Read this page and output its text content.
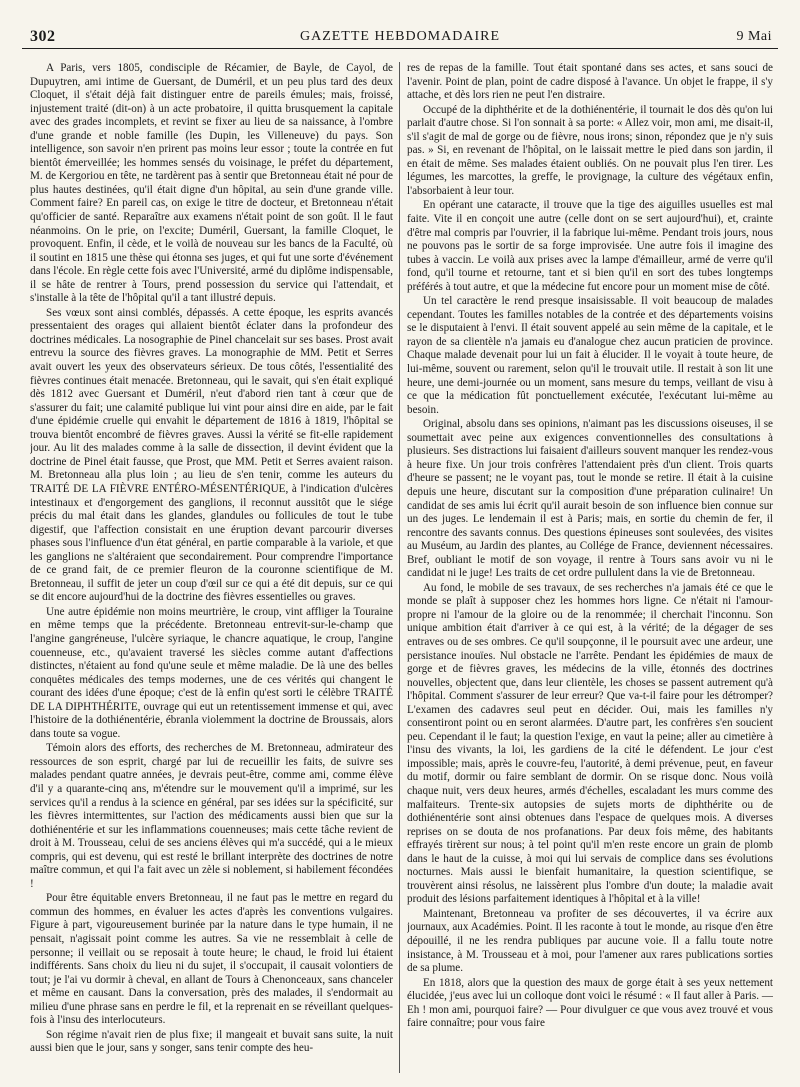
302	GAZETTE HEBDOMADAIRE	9 Mai

A Paris, vers 1805, condisciple de Récamier, de Bayle, de Cayol, de Dupuytren, ami intime de Guersant, de Duméril, et un peu plus tard des deux Cloquet, il s'était déjà fait distinguer entre de pareils émules; mais, froissé, injustement traité (dit-on) à un acte probatoire, il quitta brusquement la capitale avec des grades incomplets, et revint se fixer au lieu de sa naissance, à l'ombre d'une grande et noble famille (les Dupin, les Villeneuve) du pays. Son intelligence, son savoir n'en prirent pas moins leur essor ; toute la contrée en fut bientôt émerveillée; les hommes sensés du voisinage, le préfet du département, M. de Kergoriou en tête, ne tardèrent pas à sentir que Bretonneau était né pour de plus hautes destinées, qu'il était digne d'un hôpital, au sein d'une grande ville. Comment faire? En pareil cas, on exige le titre de docteur, et Bretonneau n'était qu'officier de santé. Reparaître aux examens n'était point de son goût. Il le faut néanmoins. On le prie, on l'excite; Duméril, Guersant, la famille Cloquet, le provoquent. Enfin, il cède, et le voilà de nouveau sur les bancs de la Faculté, où il soutint en 1815 une thèse qui étonna ses juges, et qui fut une sorte d'événement dans l'école. En règle cette fois avec l'Université, armé du diplôme indispensable, il se hâte de rentrer à Tours, prend possession du service qui l'attendait, et s'installe à la tête de l'hôpital qu'il a tant illustré depuis.

Ses vœux sont ainsi comblés, dépassés. A cette époque, les esprits avancés pressentaient des orages qui allaient bientôt éclater dans la profondeur des doctrines médicales. La nosographie de Pinel chancelait sur ses bases. Prost avait entrevu la source des fièvres graves. La monographie de MM. Petit et Serres avait ouvert les yeux des observateurs sérieux. De tous côtés, l'essentialité des fièvres continues était menacée. Bretonneau, qui le savait, qui s'en était expliqué dès 1812 avec Guersant et Duméril, n'eut d'abord rien tant à cœur que de s'assurer du fait; une calamité publique lui vint pour ainsi dire en aide, par le fait d'une épidémie cruelle qui envahit le département de 1816 à 1819, l'hôpital se trouva bientôt encombré de fièvres graves. Aussi la vérité se fit-elle rapidement jour. Au lit des malades comme à la salle de dissection, il devint évident que la doctrine de Pinel était fausse, que Prost, que MM. Petit et Serres avaient raison. M. Bretonneau alla plus loin ; au lieu de s'en tenir, comme les auteurs du TRAITÉ DE LA FIÈVRE ENTÉRO-MÉSENTÉRIQUE, à l'indication d'ulcères intestinaux et d'engorgement des ganglions, il reconnut aussitôt que le siége précis du mal était dans les glandes, glandules ou follicules de tout le tube digestif, que l'affection consistait en une éruption devant parcourir diverses phases sous l'influence d'un état général, en partie comparable à la variole, et que les ganglions ne s'altéraient que secondairement. Pour comprendre l'importance de ce grand fait, de ce premier fleuron de la couronne scientifique de M. Bretonneau, il suffit de jeter un coup d'œil sur ce qui a été dit depuis, sur ce qui se dit encore aujourd'hui de la doctrine des fièvres essentielles ou graves.

Une autre épidémie non moins meurtrière, le croup, vint affliger la Touraine en même temps que la précédente. Bretonneau entrevit-sur-le-champ que l'angine gangréneuse, l'ulcère syriaque, le chancre aquatique, le croup, l'angine couenneuse, etc., qu'avaient traversé les siècles comme autant d'affections distinctes, n'étaient au fond qu'une seule et même maladie. De là une des belles conquêtes médicales des temps modernes, une de ces vérités qui changent le courant des idées d'une époque; c'est de là enfin qu'est sorti le célèbre TRAITÉ DE LA DIPHTHÉRITE, ouvrage qui eut un retentissement immense et qui, avec l'histoire de la dothiénentérie, ébranla violemment la doctrine de Broussais, alors dans toute sa vogue.

Témoin alors des efforts, des recherches de M. Bretonneau, admirateur des ressources de son esprit, chargé par lui de recueillir les faits, de suivre ses malades pendant quatre années, je devrais peut-être, comme ami, comme élève d'il y a quarante-cinq ans, m'étendre sur le mouvement qu'il a imprimé, sur les services qu'il a rendus à la science en général, par ses idées sur la spécificité, sur les fièvres intermittentes, sur l'action des médicaments aussi bien que sur la dothiénentérie et sur les inflammations couenneuses; mais cette tâche revient de droit à M. Trousseau, celui de ses anciens élèves qui m'a succédé, qui a le mieux compris, qui est devenu, qui est resté le brillant interprète des doctrines de notre maître commun, et qui l'a fait avec un zèle si noblement, si habilement fécondées !

Pour être équitable envers Bretonneau, il ne faut pas le mettre en regard du commun des hommes, en évaluer les actes d'après les conventions vulgaires. Figure à part, vigoureusement burinée par la nature dans le type humain, il ne pensait, n'agissait point comme les autres. Sa vie ne ressemblait à celle de personne; il veillait ou se reposait à toute heure; le chaud, le froid lui étaient indifférents. Sans choix du lieu ni du sujet, il s'occupait, il causait volontiers de tout; je l'ai vu dormir à cheval, en allant de Tours à Chenonceaux, sans chanceler et même en causant. Dans la conversation, près des malades, il s'endormait au milieu d'une phrase sans en perdre le fil, et la reprenait en se réveillant quelques-fois à l'insu des interlocuteurs.

Son régime n'avait rien de plus fixe; il mangeait et buvait sans suite, la nuit aussi bien que le jour, sans y songer, sans tenir compte des heu-

res de repas de la famille. Tout était spontané dans ses actes, et sans souci de l'avenir. Point de plan, point de cadre disposé à l'avance. Un objet le frappe, il s'y attache, et dès lors rien ne peut l'en distraire.

Occupé de la diphthérite et de la dothiénentérie, il tournait le dos dès qu'on lui parlait d'autre chose. Si l'on sonnait à sa porte: « Allez voir, mon ami, me disait-il, s'il s'agit de mal de gorge ou de fièvre, nous irons; sinon, répondez que je n'y suis pas. » Si, en revenant de l'hôpital, on le laissait mettre le pied dans son jardin, il en était de même. Ses malades étaient oubliés. On ne pouvait plus l'en tirer. Les légumes, les marcottes, la greffe, le provignage, la culture des végétaux enfin, l'absorbaient à leur tour.

En opérant une cataracte, il trouve que la tige des aiguilles usuelles est mal faite. Vite il en conçoit une autre (celle dont on se sert aujourd'hui), et, crainte d'être mal compris par l'ouvrier, il la fabrique lui-même. Pendant trois jours, nous ne pouvons pas le sortir de sa forge improvisée. Une autre fois il imagine des tubes à vaccin. Le voilà aux prises avec la lampe d'émailleur, armé de verre qu'il fond, qu'il tourne et retourne, tant et si bien qu'il en sort des tubes longtemps préférés à tout autre, et que la médecine fut encore pour un moment mise de côté.

Un tel caractère le rend presque insaisissable. Il voit beaucoup de malades cependant. Toutes les familles notables de la contrée et des départements voisins se le disputaient à l'envi. Il était souvent appelé au sein même de la capitale, et le rayon de sa clientèle n'a jamais eu d'analogue chez aucun praticien de province. Chaque malade devenait pour lui un fait à élucider. Il le voyait à toute heure, de lui-même, souvent ou rarement, selon qu'il le trouvait utile. Il restait à son lit une heure, une demi-journée ou un moment, sans mesure du temps, veillant de visu à ce que la médication fût ponctuellement exécutée, l'exécutant lui-même au besoin.

Original, absolu dans ses opinions, n'aimant pas les discussions oiseuses, il se soumettait avec peine aux exigences conventionnelles des consultations à plusieurs. Ses distractions lui faisaient d'ailleurs souvent manquer les rendez-vous à heure fixe. Un jour trois confrères l'attendaient près d'un client. Trois quarts d'heure se passent; ne le voyant pas, tout le monde se retire. Il était à la cuisine depuis une heure, discutant sur la composition d'une préparation culinaire! Un candidat de ses amis lui écrit qu'il aurait besoin de son influence bien connue sur un des juges. Le lendemain il est à Paris; mais, en sortie du chemin de fer, il rencontre des savants connus. Des questions épineuses sont soulevées, des visites au Muséum, au Jardin des plantes, au Collége de France, deviennent nécessaires. Bref, oubliant le motif de son voyage, il rentre à Tours sans avoir vu ni le candidat ni le juge! Les traits de cet ordre pullulent dans la vie de Bretonneau.

Au fond, le mobile de ses travaux, de ses recherches n'a jamais été ce que le monde se plaît à supposer chez les hommes hors ligne. Ce n'était ni l'amour-propre ni l'amour de la gloire ou de la renommée; il cherchait l'inconnu. Son unique ambition était d'arriver à ce qui est, à la vérité; de la dégager de ses entraves ou de ses ombres. Ce qu'il soupçonne, il le poursuit avec une ardeur, une persistance inouïes. Nul obstacle ne l'arrête. Pendant les épidémies de maux de gorge et de fièvres graves, les médecins de la ville, étonnés des doctrines nouvelles, objectent que, dans leur clientèle, les choses se passent autrement qu'à l'hôpital. Comment s'assurer de leur erreur? Que va-t-il faire pour les détromper? L'examen des cadavres seul peut en décider. Oui, mais les familles n'y consentiront point ou en seront alarmées. D'autre part, les confrères s'en soucient peu. Cependant il le faut; la question l'exige, en vaut la peine; aller au cimetière à l'insu des vivants, la loi, les gardiens de la cité le défendent. Le jour c'est impossible; mais, après le couvre-feu, l'autorité, à demi prévenue, peut, en faveur du motif, dormir ou faire semblant de dormir. On se risque donc. Nous voilà chaque nuit, vers deux heures, armés d'échelles, escaladant les murs comme des malfaiteurs. Trente-six autopsies de sujets morts de diphthérite ou de dothiénentérie sont ainsi obtenues dans l'espace de quelques mois. A diverses reprises on se douta de nos profanations. Par deux fois même, des habitants effrayés tirèrent sur nous; à tel point qu'il m'en reste encore un grain de plomb dans le haut de la cuisse, à moi qui lui servais de complice dans ses évolutions nocturnes. Mais aussi le bienfait humanitaire, la question scientifique, se trouvèrent ainsi résolus, ne laissèrent plus l'ombre d'un doute; la maladie avait produit des lésions parfaitement identiques à l'hôpital et à la ville!

Maintenant, Bretonneau va profiter de ses découvertes, il va écrire aux journaux, aux Académies. Point. Il les raconte à tout le monde, au risque d'en être dépouillé, il ne les rendra publiques par aucune voie. Il a fallu toute notre insistance, à M. Trousseau et à moi, pour l'amener aux rares publications sorties de sa plume.

En 1818, alors que la question des maux de gorge était à ses yeux nettement élucidée, j'eus avec lui un colloque dont voici le résumé : « Il faut aller à Paris. — Eh ! mon ami, pourquoi faire? — Pour divulguer ce que vous avez trouvé et vous faire connaître; pour vous faire
